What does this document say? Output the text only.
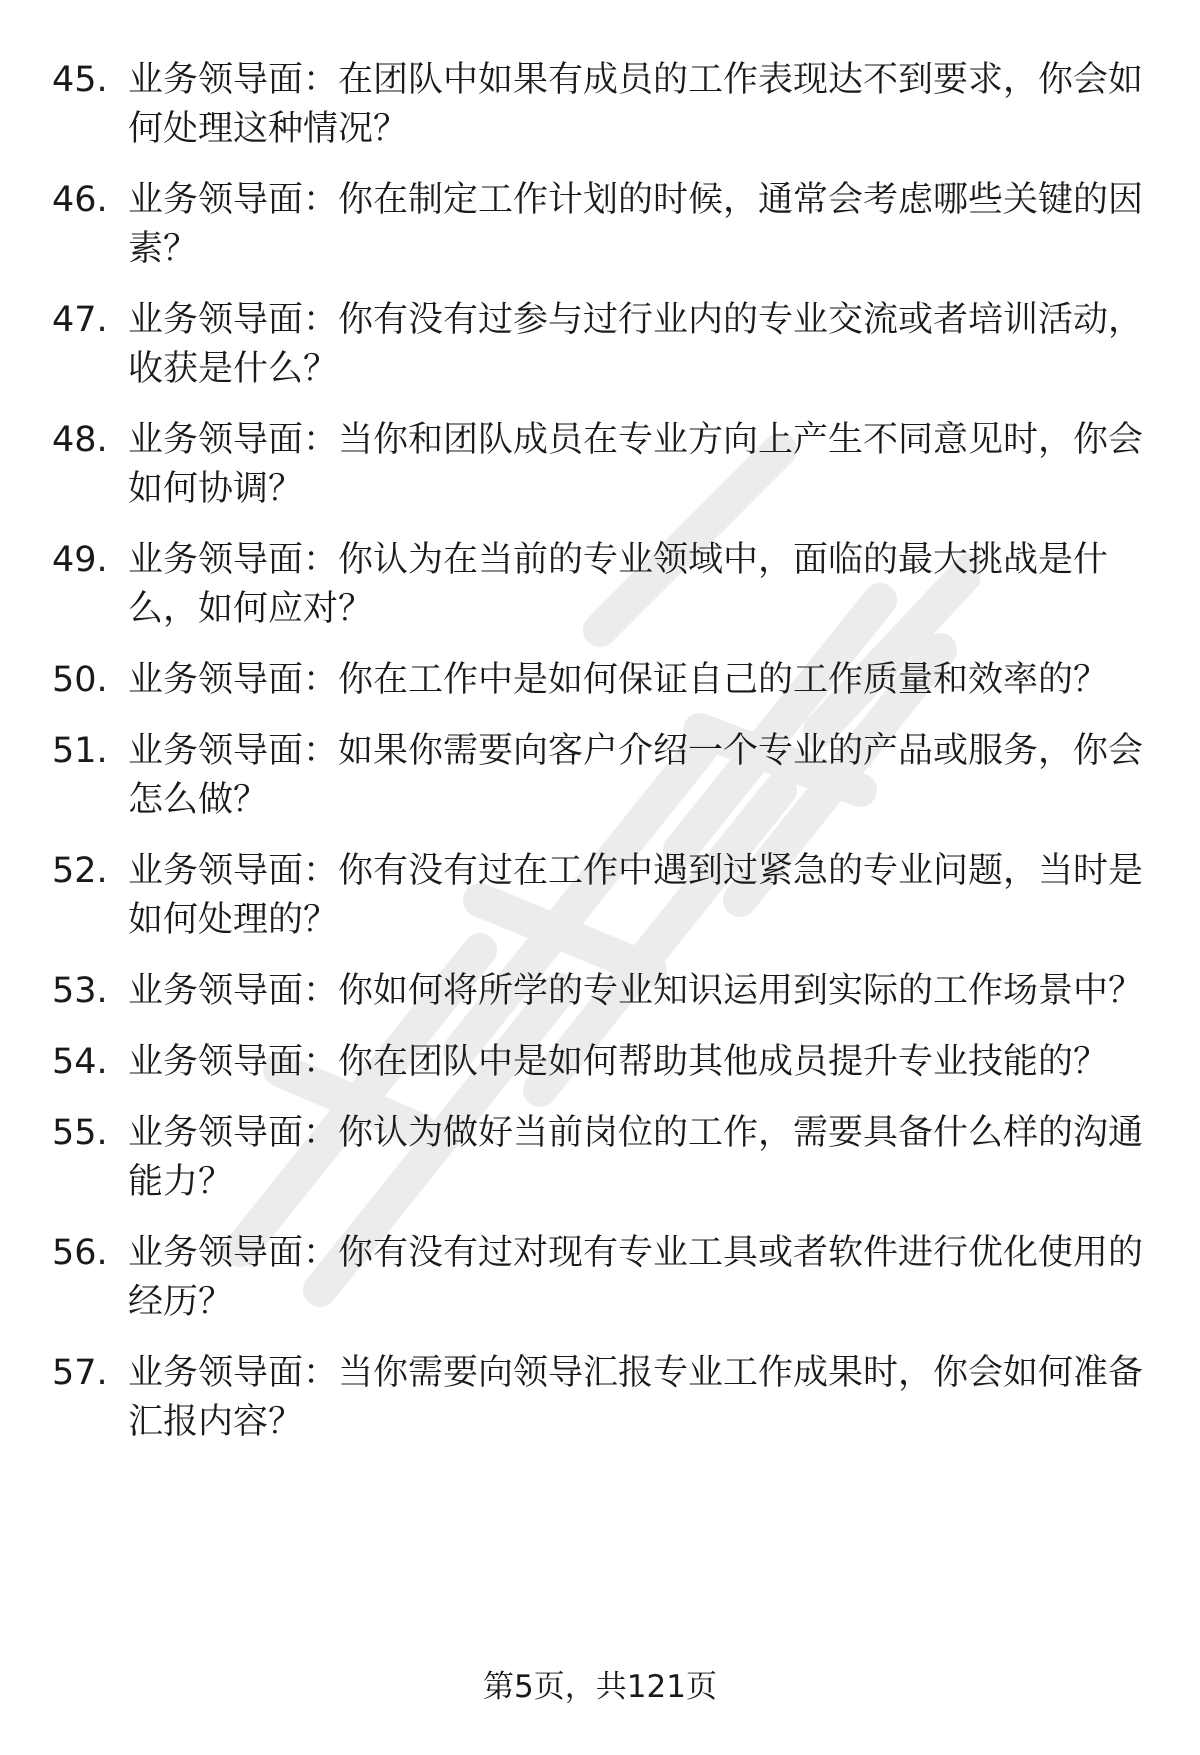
45. 业务领导面：在团队中如果有成员的工作表现达不到要求，你会如何处理这种情况？
46. 业务领导面：你在制定工作计划的时候，通常会考虑哪些关键的因素？
47. 业务领导面：你有没有过参与过行业内的专业交流或者培训活动，收获是什么？
48. 业务领导面：当你和团队成员在专业方向上产生不同意见时，你会如何协调？
49. 业务领导面：你认为在当前的专业领域中，面临的最大挑战是什么，如何应对？
50. 业务领导面：你在工作中是如何保证自己的工作质量和效率的？
51. 业务领导面：如果你需要向客户介绍一个专业的产品或服务，你会怎么做？
52. 业务领导面：你有没有过在工作中遇到过紧急的专业问题，当时是如何处理的？
53. 业务领导面：你如何将所学的专业知识运用到实际的工作场景中？
54. 业务领导面：你在团队中是如何帮助其他成员提升专业技能的？
55. 业务领导面：你认为做好当前岗位的工作，需要具备什么样的沟通能力？
56. 业务领导面：你有没有过对现有专业工具或者软件进行优化使用的经历？
57. 业务领导面：当你需要向领导汇报专业工作成果时，你会如何准备汇报内容？
第5页，共121页
